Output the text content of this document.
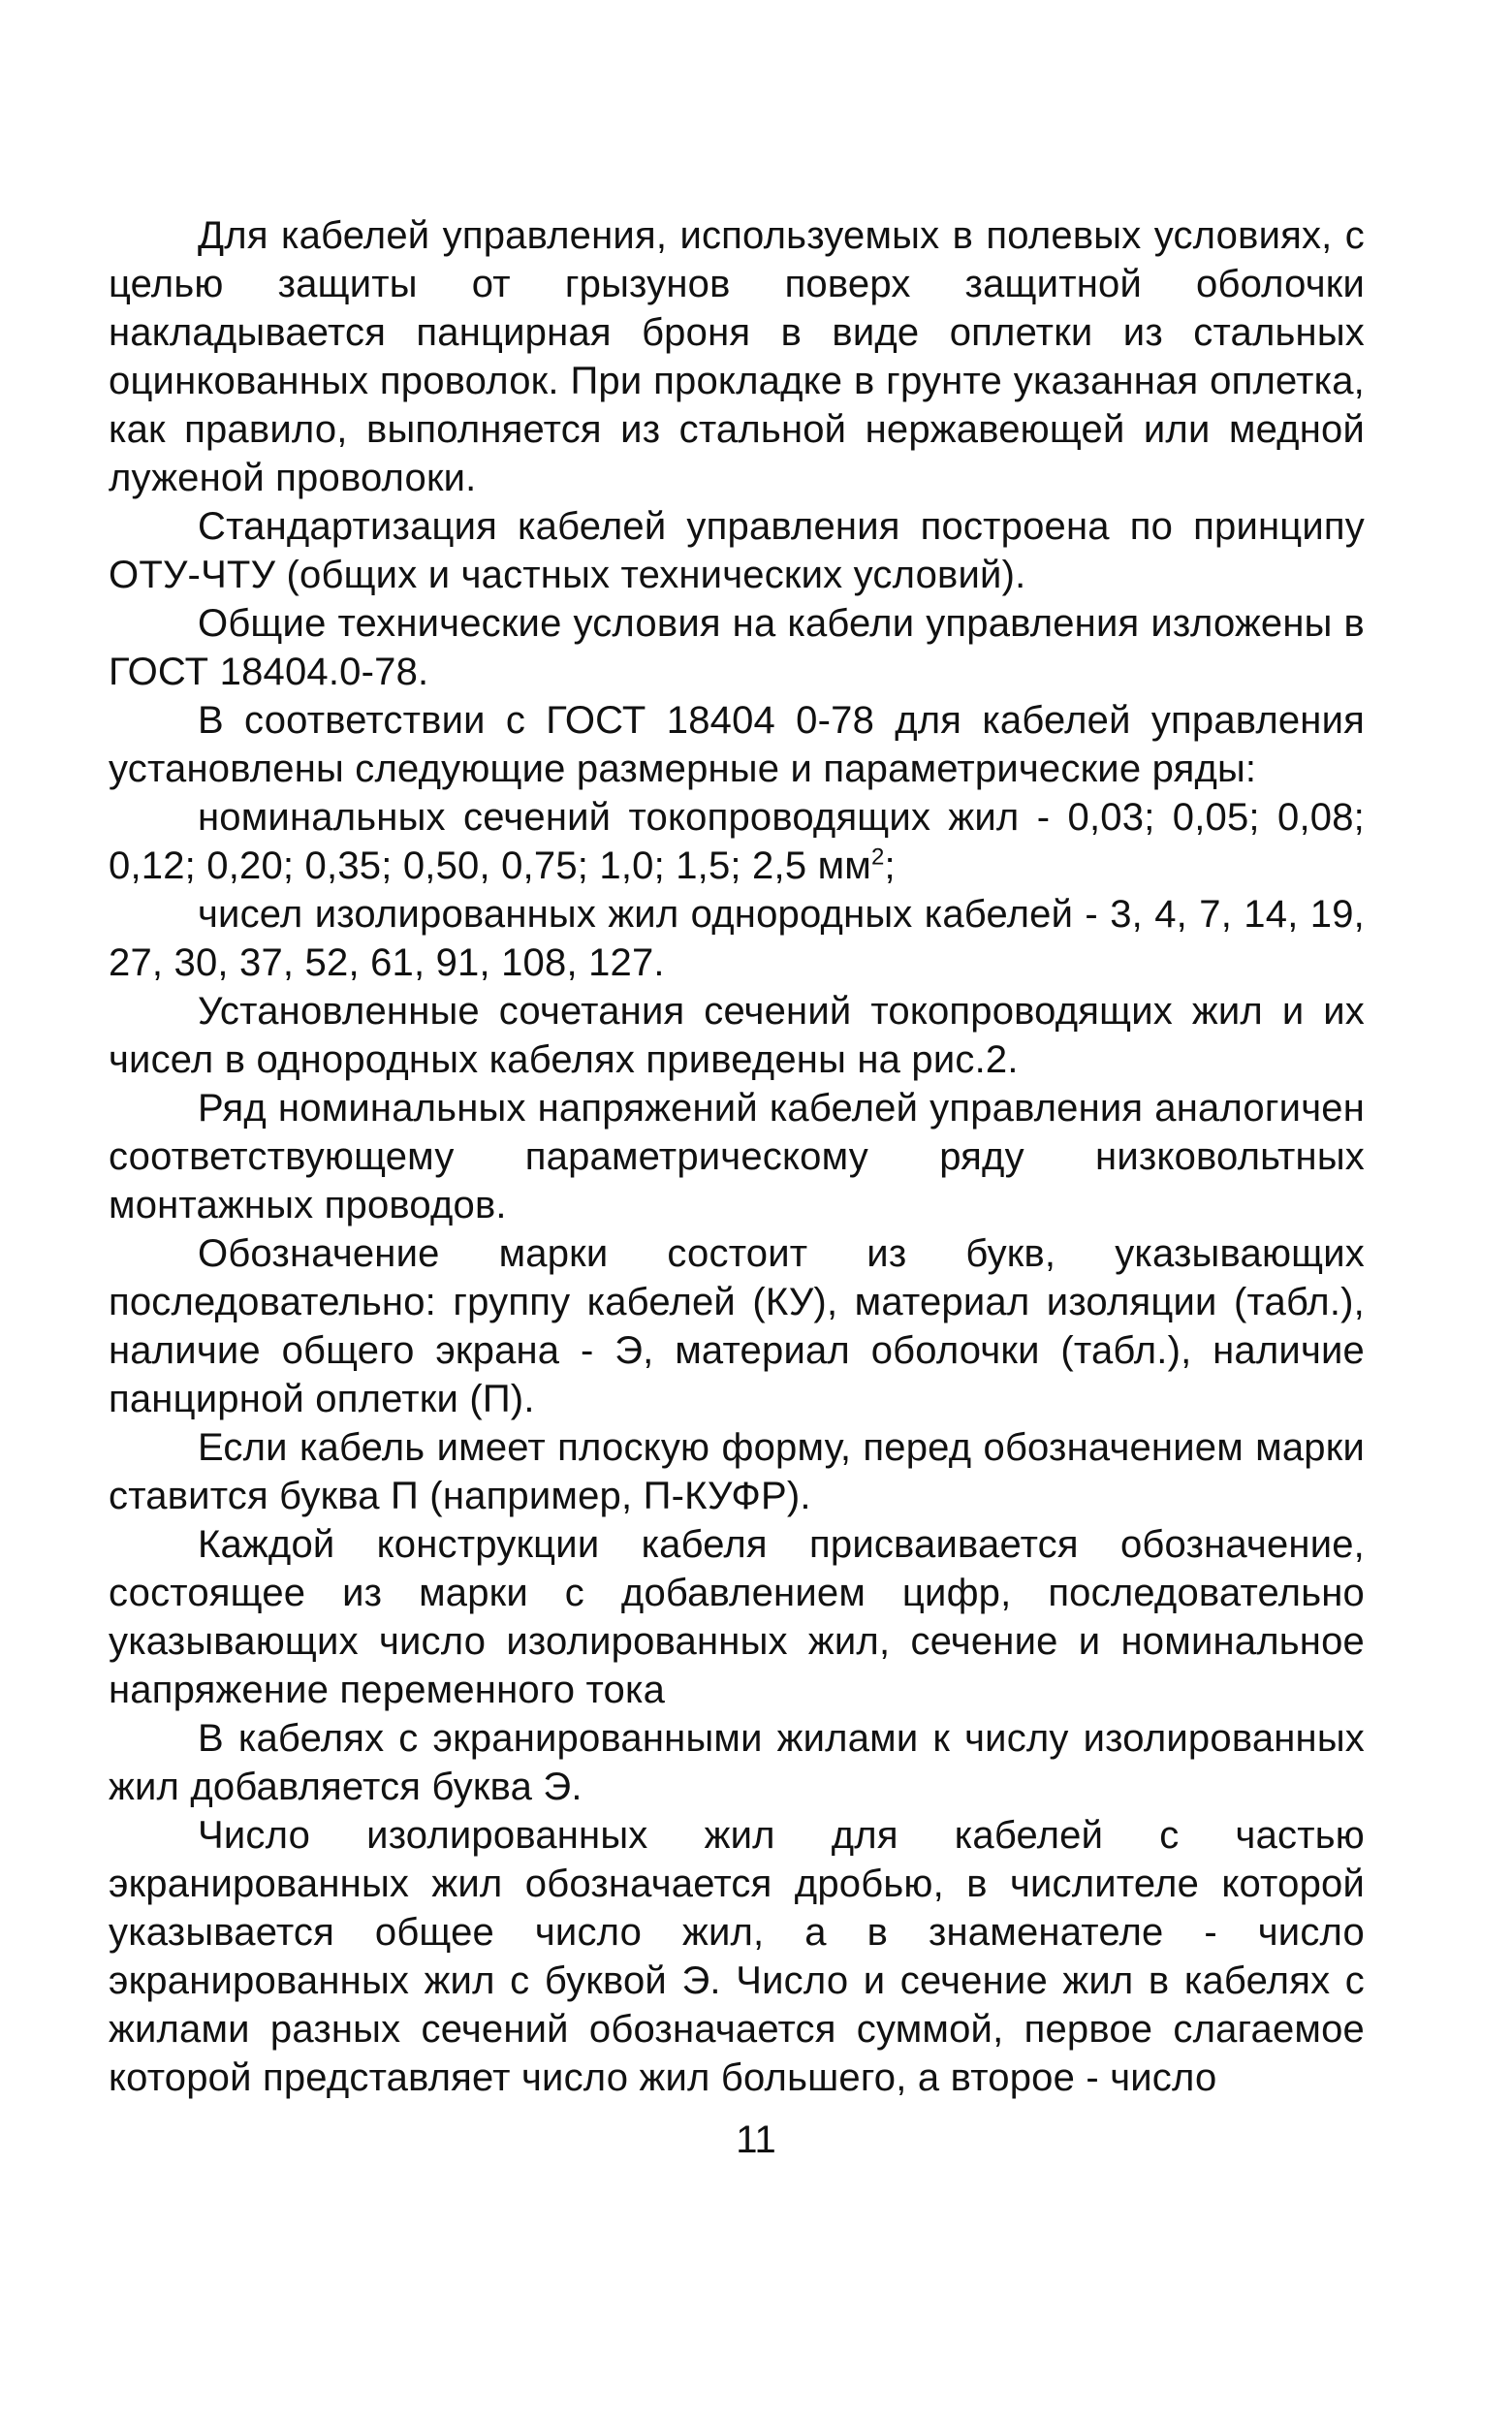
Для кабелей управления, используемых в полевых условиях, с целью защиты от грызунов поверх защитной оболочки накладывается панцирная броня в виде оплетки из стальных оцинкованных проволок. При прокладке в грунте указанная оплетка, как правило, выполняется из стальной нержавеющей или медной луженой проволоки.

Стандартизация кабелей управления построена по принципу ОТУ-ЧТУ (общих и частных технических условий).

Общие технические условия на кабели управления изложены в ГОСТ 18404.0-78.

В соответствии с ГОСТ 18404 0-78 для кабелей управления установлены следующие размерные и параметрические ряды:

номинальных сечений токопроводящих жил - 0,03; 0,05; 0,08; 0,12; 0,20; 0,35; 0,50, 0,75; 1,0; 1,5; 2,5 $мм^2$;

чисел изолированных жил однородных кабелей - 3, 4, 7, 14, 19, 27, 30, 37, 52, 61, 91, 108, 127.

Установленные сочетания сечений токопроводящих жил и их чисел в однородных кабелях приведены на рис.2.

Ряд номинальных напряжений кабелей управления аналогичен соответствующему параметрическому ряду низковольтных монтажных проводов.

Обозначение марки состоит из букв, указывающих последовательно: группу кабелей (КУ), материал изоляции (табл.), наличие общего экрана - Э, материал оболочки (табл.), наличие панцирной оплетки (П).

Если кабель имеет плоскую форму, перед обозначением марки ставится буква П (например, П-КУФР).

Каждой конструкции кабеля присваивается обозначение, состоящее из марки с добавлением цифр, последовательно указывающих число изолированных жил, сечение и номинальное напряжение переменного тока

В кабелях с экранированными жилами к числу изолированных жил добавляется буква Э.

Число изолированных жил для кабелей с частью экранированных жил обозначается дробью, в числителе которой указывается общее число жил, а в знаменателе - число экранированных жил с буквой Э. Число и сечение жил в кабелях с жилами разных сечений обозначается суммой, первое слагаемое которой представляет число жил большего, а второе - число

11
